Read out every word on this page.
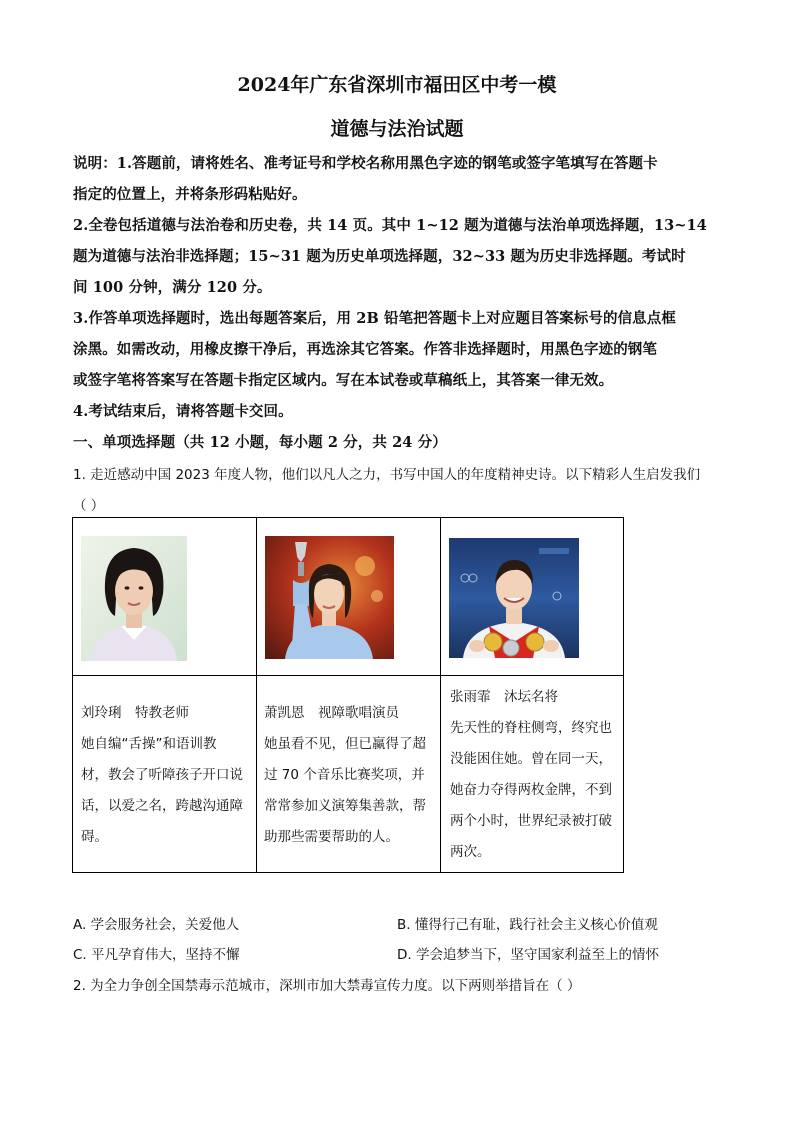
2024年广东省深圳市福田区中考一模
道德与法治试题
说明：1.答题前，请将姓名、准考证号和学校名称用黑色字迹的钢笔或签字笔填写在答题卡
指定的位置上，并将条形码粘贴好。
2.全卷包括道德与法治卷和历史卷，共 14 页。其中 1~12 题为道德与法治单项选择题，13~14
题为道德与法治非选择题；15~31 题为历史单项选择题，32~33 题为历史非选择题。考试时
间 100 分钟，满分 120 分。
3.作答单项选择题时，选出每题答案后，用 2B 铅笔把答题卡上对应题目答案标号的信息点框
涂黑。如需改动，用橡皮擦干净后，再选涂其它答案。作答非选择题时，用黑色字迹的钢笔
或签字笔将答案写在答题卡指定区域内。写在本试卷或草稿纸上，其答案一律无效。
4.考试结束后，请将答题卡交回。
一、单项选择题（共 12 小题，每小题 2 分，共 24 分）
1. 走近感动中国 2023 年度人物，他们以凡人之力，书写中国人的年度精神史诗。以下精彩人生启发我们
（ ）
刘玲琍　特教老师
她自编“舌操”和语训教
材，教会了听障孩子开口说
话，以爱之名，跨越沟通障
碍。
萧凯恩　视障歌唱演员
她虽看不见，但已赢得了超
过 70 个音乐比赛奖项，并
常常参加义演筹集善款，帮
助那些需要帮助的人。
张雨霏　沐坛名将
先天性的脊柱侧弯，终究也
没能困住她。曾在同一天，
她奋力夺得两枚金牌，不到
两个小时，世界纪录被打破
两次。
A. 学会服务社会，关爱他人	B. 懂得行己有耻，践行社会主义核心价值观
C. 平凡孕育伟大，坚持不懈	D. 学会追梦当下，坚守国家利益至上的情怀
2. 为全力争创全国禁毒示范城市，深圳市加大禁毒宣传力度。以下两则举措旨在（ ）
